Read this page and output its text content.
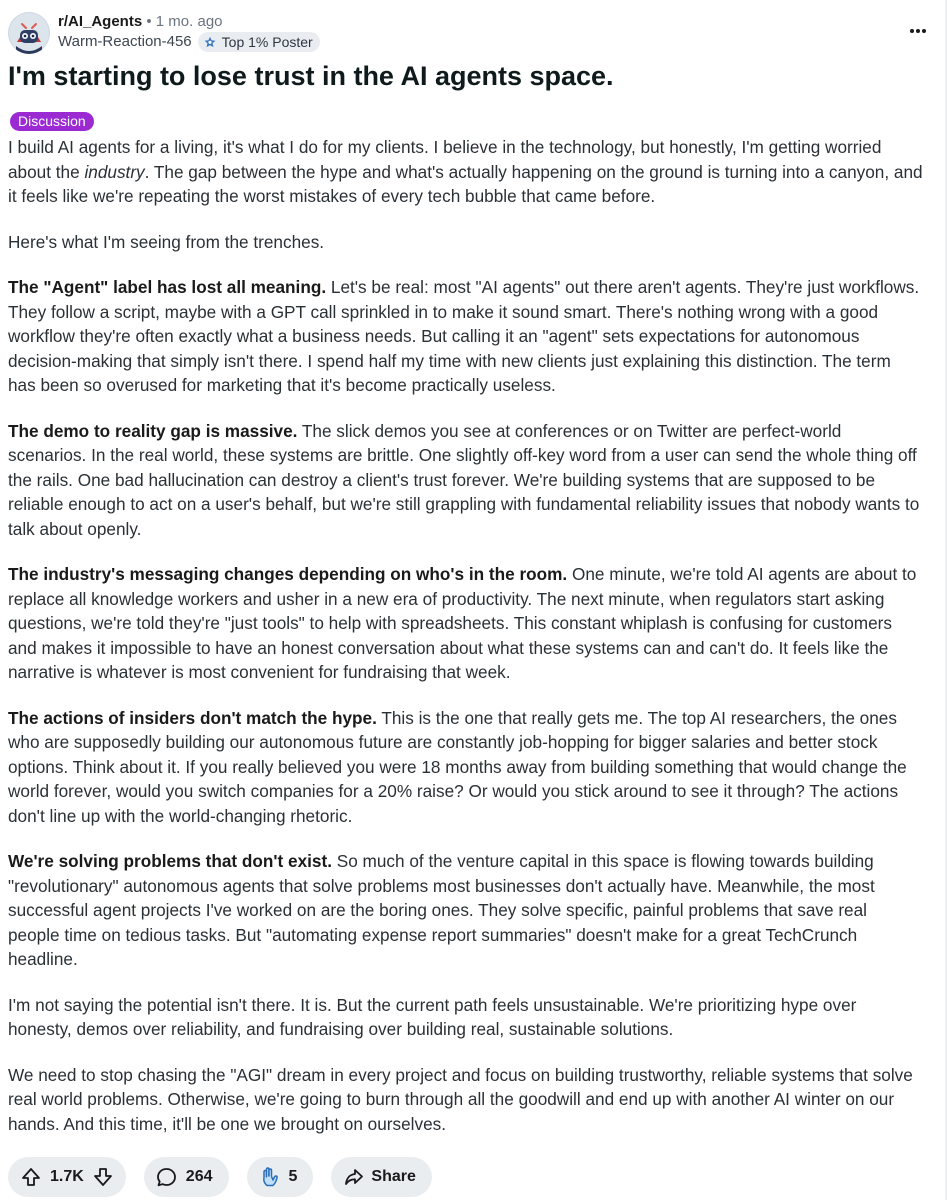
r/AI_Agents • 1 mo. ago
Warm-Reaction-456 Top 1% Poster
I'm starting to lose trust in the AI agents space.
Discussion

I build AI agents for a living, it's what I do for my clients. I believe in the technology, but honestly, I'm getting worried about the industry. The gap between the hype and what's actually happening on the ground is turning into a canyon, and it feels like we're repeating the worst mistakes of every tech bubble that came before.

Here's what I'm seeing from the trenches.

The "Agent" label has lost all meaning. Let's be real: most "AI agents" out there aren't agents. They're just workflows. They follow a script, maybe with a GPT call sprinkled in to make it sound smart. There's nothing wrong with a good workflow they're often exactly what a business needs. But calling it an "agent" sets expectations for autonomous decision-making that simply isn't there. I spend half my time with new clients just explaining this distinction. The term has been so overused for marketing that it's become practically useless.

The demo to reality gap is massive. The slick demos you see at conferences or on Twitter are perfect-world scenarios. In the real world, these systems are brittle. One slightly off-key word from a user can send the whole thing off the rails. One bad hallucination can destroy a client's trust forever. We're building systems that are supposed to be reliable enough to act on a user's behalf, but we're still grappling with fundamental reliability issues that nobody wants to talk about openly.

The industry's messaging changes depending on who's in the room. One minute, we're told AI agents are about to replace all knowledge workers and usher in a new era of productivity. The next minute, when regulators start asking questions, we're told they're "just tools" to help with spreadsheets. This constant whiplash is confusing for customers and makes it impossible to have an honest conversation about what these systems can and can't do. It feels like the narrative is whatever is most convenient for fundraising that week.

The actions of insiders don't match the hype. This is the one that really gets me. The top AI researchers, the ones who are supposedly building our autonomous future are constantly job-hopping for bigger salaries and better stock options. Think about it. If you really believed you were 18 months away from building something that would change the world forever, would you switch companies for a 20% raise? Or would you stick around to see it through? The actions don't line up with the world-changing rhetoric.

We're solving problems that don't exist. So much of the venture capital in this space is flowing towards building "revolutionary" autonomous agents that solve problems most businesses don't actually have. Meanwhile, the most successful agent projects I've worked on are the boring ones. They solve specific, painful problems that save real people time on tedious tasks. But "automating expense report summaries" doesn't make for a great TechCrunch headline.

I'm not saying the potential isn't there. It is. But the current path feels unsustainable. We're prioritizing hype over honesty, demos over reliability, and fundraising over building real, sustainable solutions.

We need to stop chasing the "AGI" dream in every project and focus on building trustworthy, reliable systems that solve real world problems. Otherwise, we're going to burn through all the goodwill and end up with another AI winter on our hands. And this time, it'll be one we brought on ourselves.

1.7K	264	5	Share
